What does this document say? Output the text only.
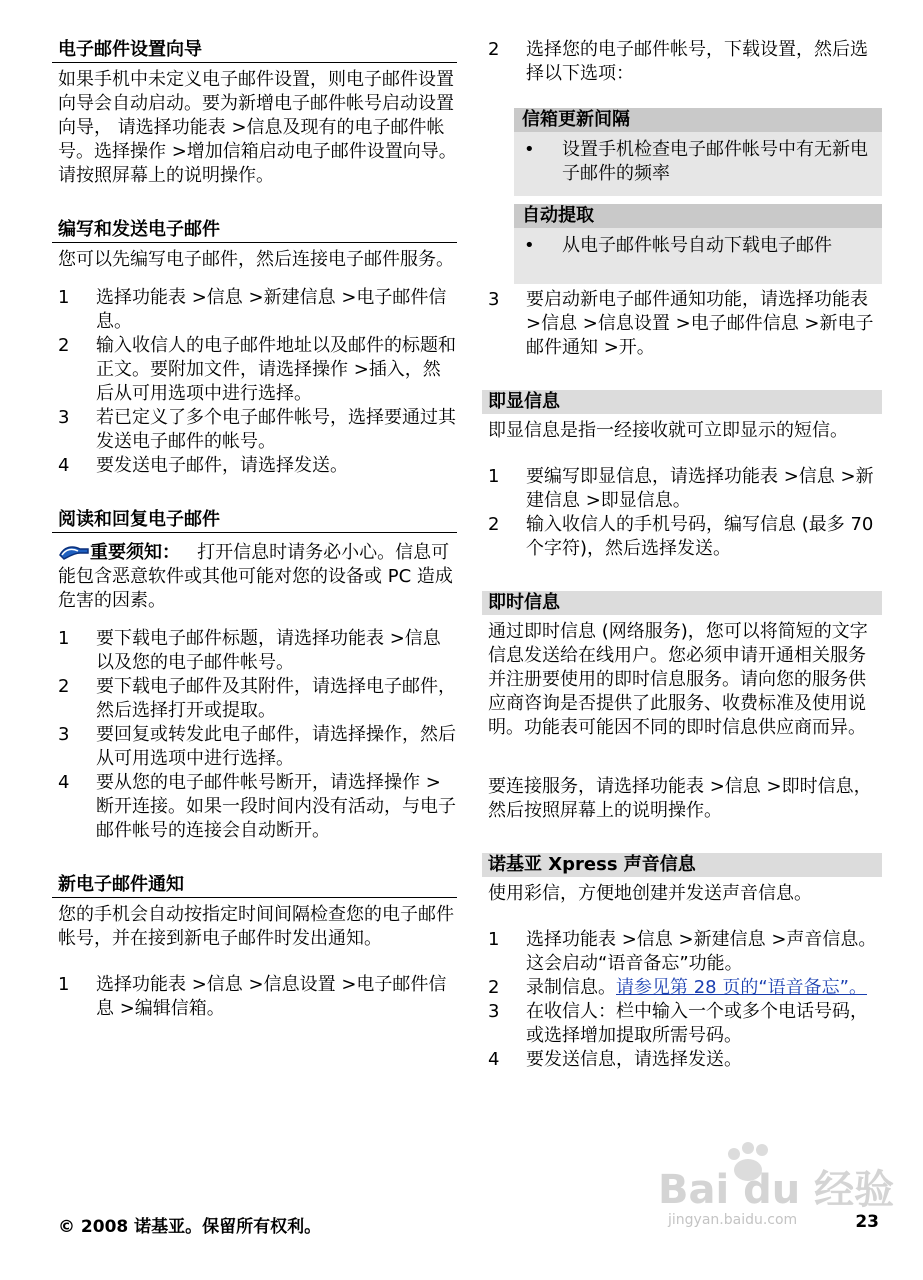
电子邮件设置向导
如果手机中未定义电子邮件设置，则电子邮件设置向导会自动启动。要为新增电子邮件帐号启动设置向导， 请选择功能表 >信息及现有的电子邮件帐号。选择操作 >增加信箱启动电子邮件设置向导。请按照屏幕上的说明操作。
编写和发送电子邮件
您可以先编写电子邮件，然后连接电子邮件服务。
1 选择功能表 >信息 >新建信息 >电子邮件信息。
2 输入收信人的电子邮件地址以及邮件的标题和正文。要附加文件，请选择操作 >插入，然后从可用选项中进行选择。
3 若已定义了多个电子邮件帐号，选择要通过其发送电子邮件的帐号。
4 要发送电子邮件，请选择发送。
阅读和回复电子邮件
重要须知： 打开信息时请务必小心。信息可能包含恶意软件或其他可能对您的设备或 PC 造成危害的因素。
1 要下载电子邮件标题，请选择功能表 >信息以及您的电子邮件帐号。
2 要下载电子邮件及其附件，请选择电子邮件，然后选择打开或提取。
3 要回复或转发此电子邮件，请选择操作，然后从可用选项中进行选择。
4 要从您的电子邮件帐号断开，请选择操作 >断开连接。如果一段时间内没有活动，与电子邮件帐号的连接会自动断开。
新电子邮件通知
您的手机会自动按指定时间间隔检查您的电子邮件帐号，并在接到新电子邮件时发出通知。
1 选择功能表 >信息 >信息设置 >电子邮件信息 >编辑信箱。
2 选择您的电子邮件帐号，下载设置，然后选择以下选项：
信箱更新间隔
• 设置手机检查电子邮件帐号中有无新电子邮件的频率
自动提取
• 从电子邮件帐号自动下载电子邮件
3 要启动新电子邮件通知功能，请选择功能表 >信息 >信息设置 >电子邮件信息 >新电子邮件通知 >开。
即显信息
即显信息是指一经接收就可立即显示的短信。
1 要编写即显信息，请选择功能表 >信息 >新建信息 >即显信息。
2 输入收信人的手机号码，编写信息 (最多 70 个字符)，然后选择发送。
即时信息
通过即时信息 (网络服务)，您可以将简短的文字信息发送给在线用户。您必须申请开通相关服务并注册要使用的即时信息服务。请向您的服务供应商咨询是否提供了此服务、收费标准及使用说明。功能表可能因不同的即时信息供应商而异。
要连接服务，请选择功能表 >信息 >即时信息，然后按照屏幕上的说明操作。
诺基亚 Xpress 声音信息
使用彩信，方便地创建并发送声音信息。
1 选择功能表 >信息 >新建信息 >声音信息。这会启动“语音备忘”功能。
2 录制信息。请参见第 28 页的“语音备忘”。
3 在收信人：栏中输入一个或多个电话号码，或选择增加提取所需号码。
4 要发送信息，请选择发送。
Bai du 经验
jingyan.baidu.com
© 2008 诺基亚。保留所有权利。	23
